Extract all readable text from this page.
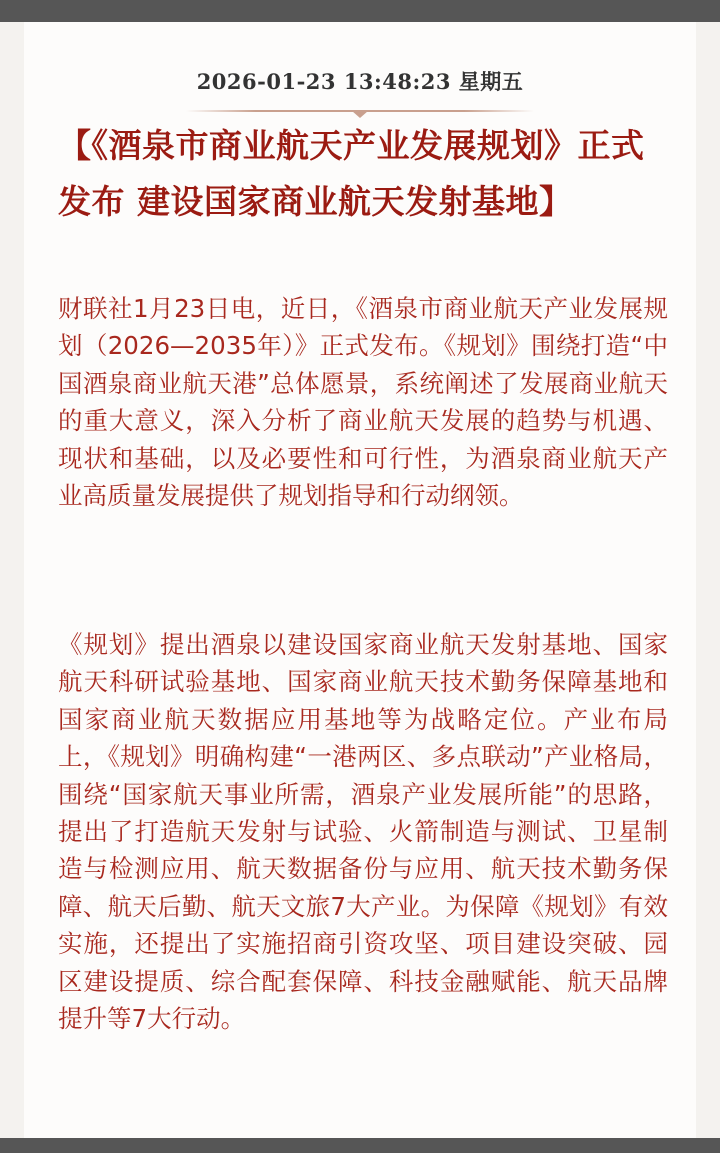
2026-01-23 13:48:23 星期五
【《酒泉市商业航天产业发展规划》正式发布 建设国家商业航天发射基地】

财联社1月23日电，近日，《酒泉市商业航天产业发展规划（2026—2035年）》正式发布。《规划》围绕打造“中国酒泉商业航天港”总体愿景，系统阐述了发展商业航天的重大意义，深入分析了商业航天发展的趋势与机遇、现状和基础，以及必要性和可行性，为酒泉商业航天产业高质量发展提供了规划指导和行动纲领。

《规划》提出酒泉以建设国家商业航天发射基地、国家航天科研试验基地、国家商业航天技术勤务保障基地和国家商业航天数据应用基地等为战略定位。产业布局上，《规划》明确构建“一港两区、多点联动”产业格局，围绕“国家航天事业所需，酒泉产业发展所能”的思路，提出了打造航天发射与试验、火箭制造与测试、卫星制造与检测应用、航天数据备份与应用、航天技术勤务保障、航天后勤、航天文旅7大产业。为保障《规划》有效实施，还提出了实施招商引资攻坚、项目建设突破、园区建设提质、综合配套保障、科技金融赋能、航天品牌提升等7大行动。
